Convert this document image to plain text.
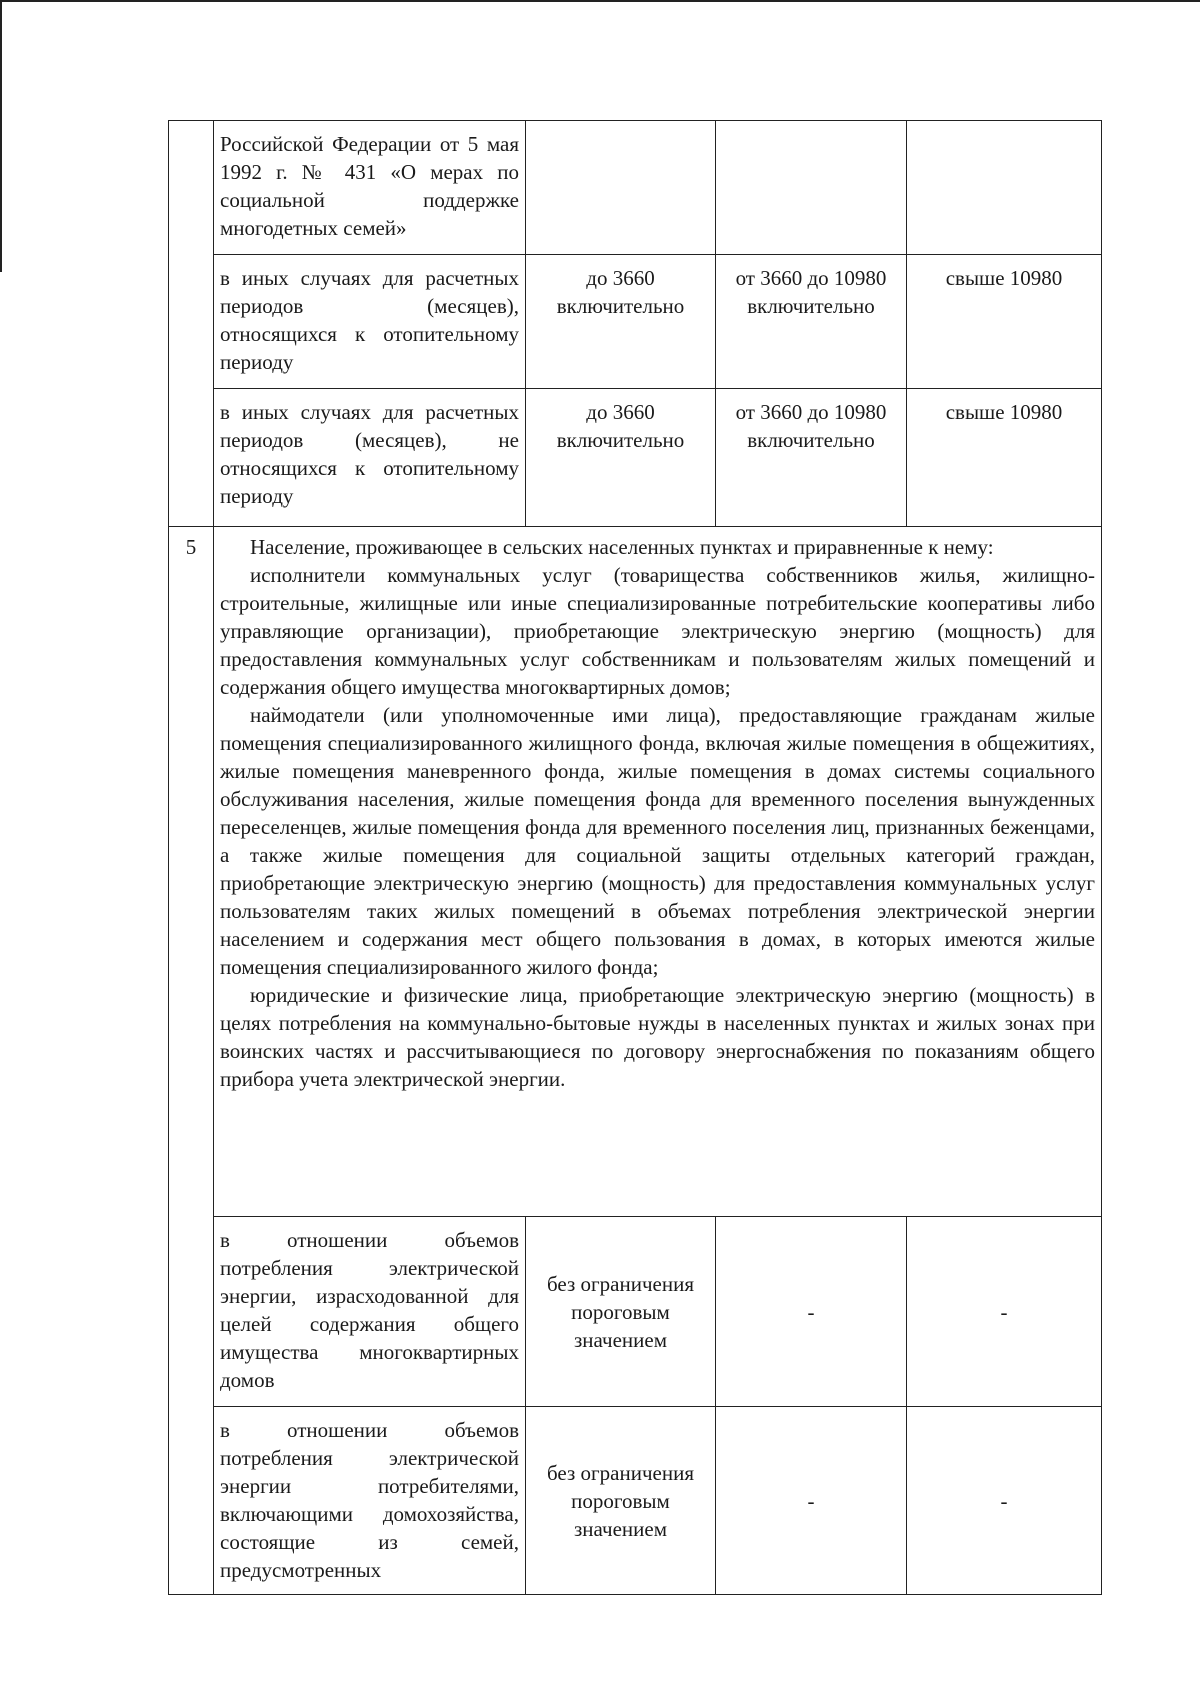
	Российской Федерации от 5 мая 1992 г. № 431 «О мерах по социальной поддержке многодетных семей»			
	в иных случаях для расчетных периодов (месяцев), относящихся к отопительному периоду	до 3660 включительно	от 3660 до 10980 включительно	свыше 10980
	в иных случаях для расчетных периодов (месяцев), не относящихся к отопительному периоду	до 3660 включительно	от 3660 до 10980 включительно	свыше 10980
5	Население, проживающее в сельских населенных пунктах и приравненные к нему:

исполнители коммунальных услуг (товарищества собственников жилья, жилищно-строительные, жилищные или иные специализированные потребительские кооперативы либо управляющие организации), приобретающие электрическую энергию (мощность) для предоставления коммунальных услуг собственникам и пользователям жилых помещений и содержания общего имущества многоквартирных домов;

наймодатели (или уполномоченные ими лица), предоставляющие гражданам жилые помещения специализированного жилищного фонда, включая жилые помещения в общежитиях, жилые помещения маневренного фонда, жилые помещения в домах системы социального обслуживания населения, жилые помещения фонда для временного поселения вынужденных переселенцев, жилые помещения фонда для временного поселения лиц, признанных беженцами, а также жилые помещения для социальной защиты отдельных категорий граждан, приобретающие электрическую энергию (мощность) для предоставления коммунальных услуг пользователям таких жилых помещений в объемах потребления электрической энергии населением и содержания мест общего пользования в домах, в которых имеются жилые помещения специализированного жилого фонда;

юридические и физические лица, приобретающие электрическую энергию (мощность) в целях потребления на коммунально-бытовые нужды в населенных пунктах и жилых зонах при воинских частях и рассчитывающиеся по договору энергоснабжения по показаниям общего прибора учета электрической энергии.			

	в отношении объемов потребления электрической энергии, израсходованной для целей содержания общего имущества многоквартирных домов	без ограничения пороговым значением	-	-
	в отношении объемов потребления электрической энергии потребителями, включающими домохозяйства, состоящие из семей, предусмотренных	без ограничения пороговым значением	-	-
